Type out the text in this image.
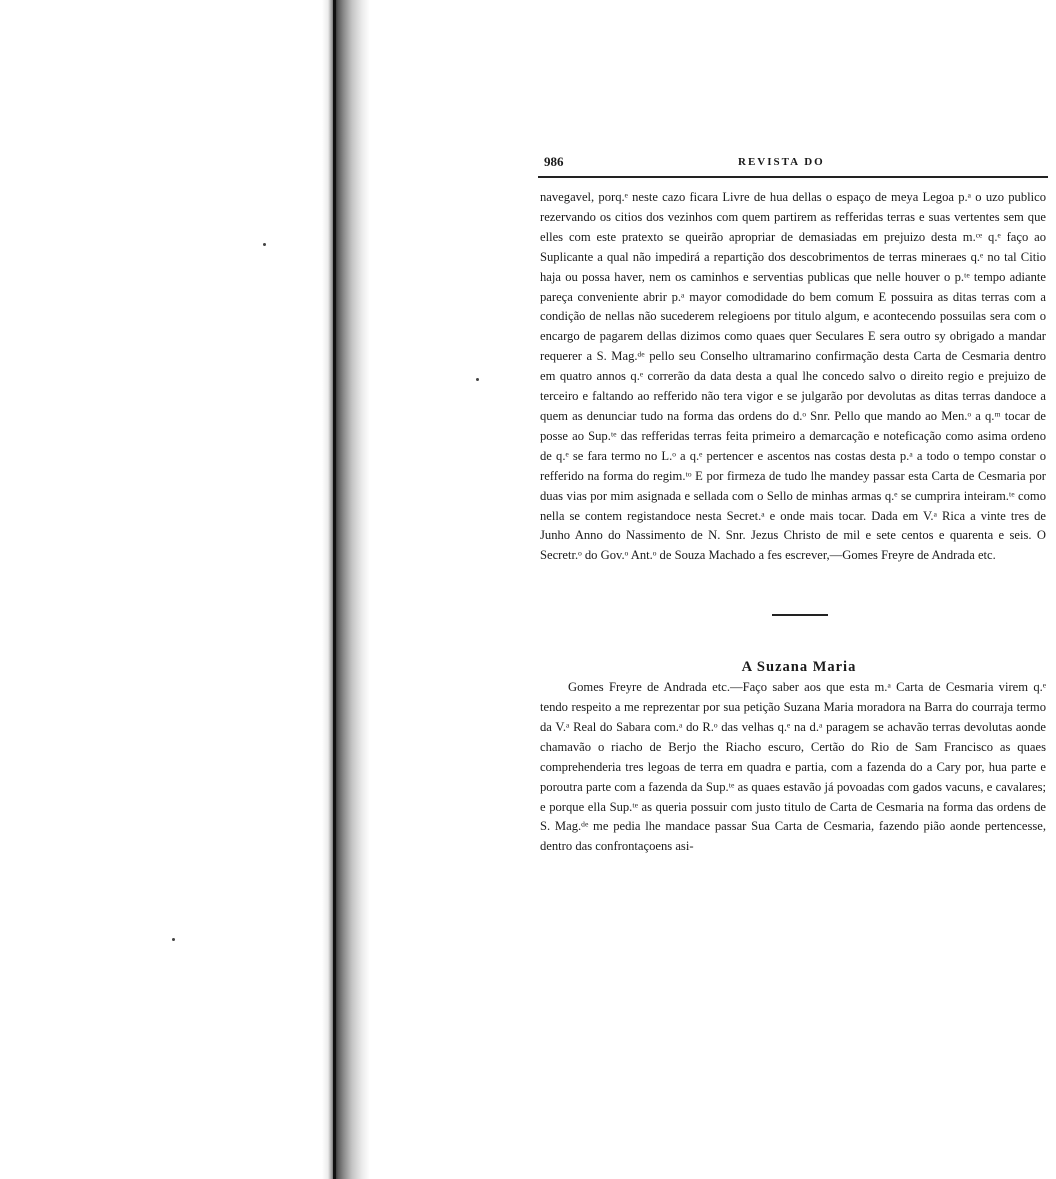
986	REVISTA DO

navegavel, porq.ᵉ neste cazo ficara Livre de hua dellas o espaço de meya Legoa p.ᵃ o uzo publico rezervando os citios dos vezinhos com quem partirem as refferidas terras e suas vertentes sem que elles com este pratexto se queirão apropriar de demasiadas em prejuizo desta m.ᶜᵉ q.ᵉ faço ao Suplicante a qual não impedirá a repartição dos descobrimentos de terras mineraes q.ᵉ no tal Citio haja ou possa haver, nem os caminhos e serventias publicas que nelle houver o p.ᵗᵉ tempo adiante pareça conveniente abrir p.ᵃ mayor comodidade do bem comum E possuira as ditas terras com a condição de nellas não sucederem relegioens por titulo algum, e acontecendo possuilas sera com o encargo de pagarem dellas dizimos como quaes quer Seculares E sera outro sy obrigado a mandar requerer a S. Mag.ᵈᵉ pello seu Conselho ultramarino confirmação desta Carta de Cesmaria dentro em quatro annos q.ᵉ correrão da data desta a qual lhe concedo salvo o direito regio e prejuizo de terceiro e faltando ao refferido não tera vigor e se julgarão por devolutas as ditas terras dandoce a quem as denunciar tudo na forma das ordens do d.ᵒ Snr. Pello que mando ao Men.ᵒ a q.ᵐ tocar de posse ao Sup.ᵗᵉ das refferidas terras feita primeiro a demarcação e noteficação como asima ordeno de q.ᵉ se fara termo no L.ᵒ a q.ᵉ pertencer e ascentos nas costas desta p.ᵃ a todo o tempo constar o refferido na forma do regim.ᵗᵒ E por firmeza de tudo lhe mandey passar esta Carta de Cesmaria por duas vias por mim asignada e sellada com o Sello de minhas armas q.ᵉ se cumprira inteiram.ᵗᵉ como nella se contem registandoce nesta Secret.ᵃ e onde mais tocar. Dada em V.ᵃ Rica a vinte tres de Junho Anno do Nassimento de N. Snr. Jezus Christo de mil e sete centos e quarenta e seis. O Secretr.ᵒ do Gov.ᵒ Ant.ᵒ de Souza Machado a fes escrever,—Gomes Freyre de Andrada etc.

A Suzana Maria

Gomes Freyre de Andrada etc.—Faço saber aos que esta m.ᵃ Carta de Cesmaria virem q.ᵉ tendo respeito a me reprezentar por sua petição Suzana Maria moradora na Barra do courraja termo da V.ᵃ Real do Sabara com.ᵃ do R.ᵒ das velhas q.ᵉ na d.ᵃ paragem se achavão terras devolutas aonde chamavão o riacho de Berjo the Riacho escuro, Certão do Rio de Sam Francisco as quaes comprehenderia tres legoas de terra em quadra e partia, com a fazenda do a Cary por, hua parte e poroutra parte com a fazenda da Sup.ᵗᵉ as quaes estavão já povoadas com gados vacuns, e cavalares; e porque ella Sup.ᵗᵉ as queria possuir com justo titulo de Carta de Cesmaria na forma das ordens de S. Mag.ᵈᵉ me pedia lhe mandace passar Sua Carta de Cesmaria, fazendo pião aonde pertencesse, dentro das confrontaçoens asi-
